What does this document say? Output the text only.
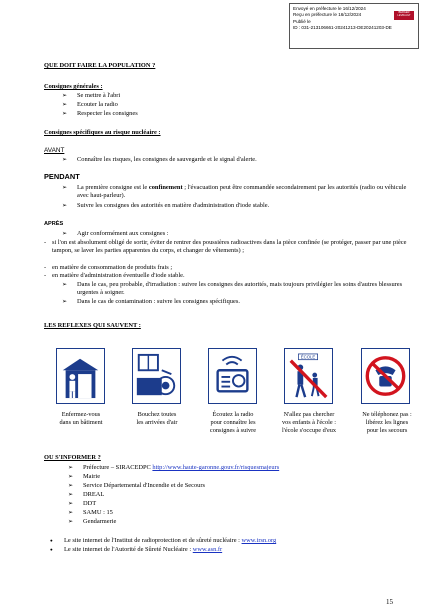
Envoyé en préfecture le 16/12/2024
Reçu en préfecture le 16/12/2024
Publié le
ID : 031-213106661-20241213-DE20241203-DE
BERGER LEVRAULT
QUE DOIT FAIRE LA POPULATION ?
Consignes générales :
➢ Se mettre à l'abri
➢ Ecouter la radio
➢ Respecter les consignes
Consignes spécifiques au risque nucléaire :
AVANT
➢ Connaître les risques, les consignes de sauvegarde et le signal d'alerte.
PENDANT
➢ La première consigne est le confinement ; l'évacuation peut être commandée secondairement par les autorités (radio ou véhicule avec haut-parleur).
➢ Suivre les consignes des autorités en matière d'administration d'iode stable.
APRÈS
➢ Agir conformément aux consignes :
- si l'on est absolument obligé de sortir, éviter de rentrer des poussières radioactives dans la pièce confinée (se protéger, passer par une pièce tampon, se laver les parties apparentes du corps, et changer de vêtements) ;
- en matière de consommation de produits frais ;
- en matière d'administration éventuelle d'iode stable.
➢ Dans le cas, peu probable, d'irradiation : suivre les consignes des autorités, mais toujours privilégier les soins d'autres blessures urgentes à soigner.
➢ Dans le cas de contamination : suivre les consignes spécifiques.
LES REFLEXES QUI SAUVENT :
ÉCOLE
Enfermez-vous
dans un bâtiment
Bouchez toutes
les arrivées d'air
Écoutez la radio
pour connaître les
consignes à suivre
N'allez pas chercher
vos enfants à l'école :
l'école s'occupe d'eux
Ne téléphonez pas :
libérez les lignes
pour les secours
OU S'INFORMER ?
➢ Préfecture – SIRACEDPC http://www.haute-garonne.gouv.fr/risquesmajeurs
➢ Mairie
➢ Service Départemental d'Incendie et de Secours
➢ DREAL
➢ DDT
➢ SAMU : 15
➢ Gendarmerie
● Le site internet de l'Institut de radioprotection et de sûreté nucléaire : www.irsn.org
● Le site internet de l'Autorité de Sûreté Nucléaire : www.asn.fr
15
